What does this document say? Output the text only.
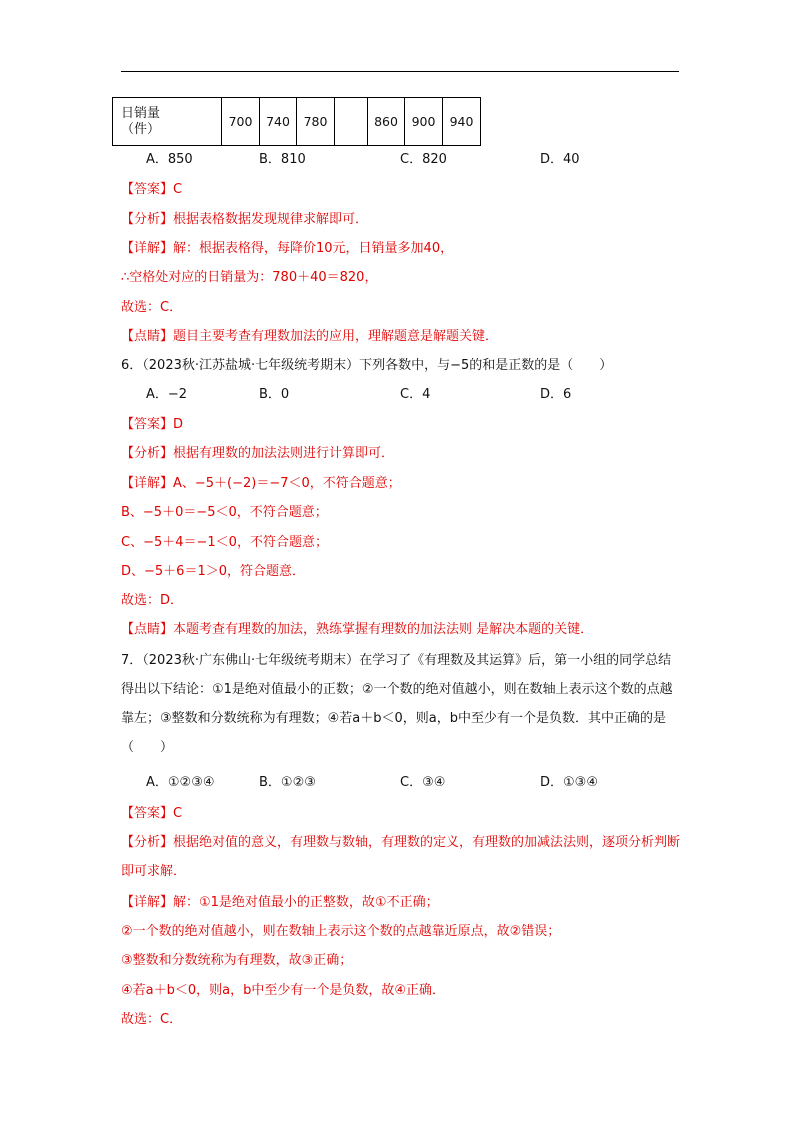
日销量
（件）	700	740	780		860	900	940
A．850	B．810	C．820	D．40
【答案】C
【分析】根据表格数据发现规律求解即可．
【详解】解：根据表格得，每降价10元，日销量多加40，
∴空格处对应的日销量为：780＋40＝820，
故选：C．
【点睛】题目主要考查有理数加法的应用，理解题意是解题关键．
6．（2023秋·江苏盐城·七年级统考期末）下列各数中，与−5的和是正数的是（　　）
A．−2	B．0	C．4	D．6
【答案】D
【分析】根据有理数的加法法则进行计算即可．
【详解】A、−5＋(−2)＝−7＜0，不符合题意；
B、−5＋0＝−5＜0，不符合题意；
C、−5＋4＝−1＜0，不符合题意；
D、−5＋6＝1＞0，符合题意．
故选：D．
【点睛】本题考查有理数的加法，熟练掌握有理数的加法法则 是解决本题的关键．
7．（2023秋·广东佛山·七年级统考期末）在学习了《有理数及其运算》后，第一小组的同学总结得出以下结论：①1是绝对值最小的正数；②一个数的绝对值越小，则在数轴上表示这个数的点越靠左；③整数和分数统称为有理数；④若a＋b＜0，则a，b中至少有一个是负数．其中正确的是（　　）
A．①②③④	B．①②③	C．③④	D．①③④
【答案】C
【分析】根据绝对值的意义，有理数与数轴，有理数的定义，有理数的加减法法则，逐项分析判断即可求解．
【详解】解：①1是绝对值最小的正整数，故①不正确；
②一个数的绝对值越小，则在数轴上表示这个数的点越靠近原点，故②错误；
③整数和分数统称为有理数，故③正确；
④若a＋b＜0，则a，b中至少有一个是负数，故④正确．
故选：C．
